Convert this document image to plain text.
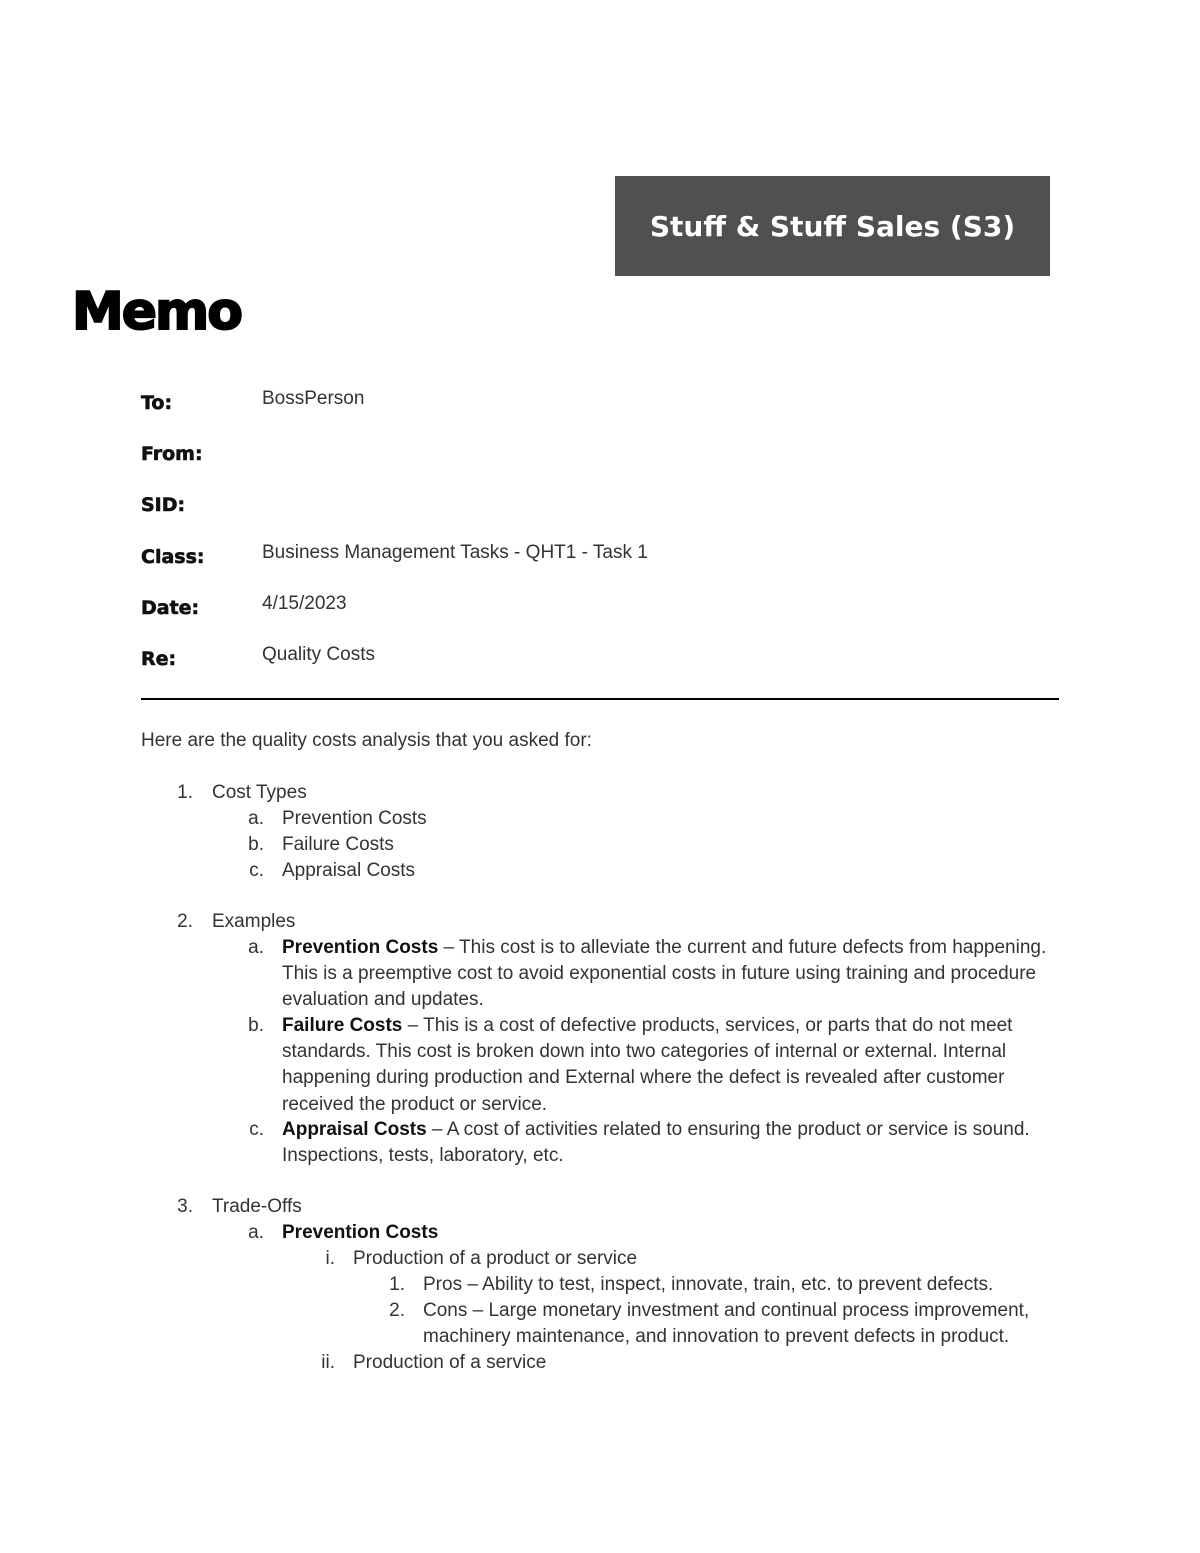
Stuff & Stuff Sales (S3)
Memo
To:	BossPerson
From:
SID:
Class:	Business Management Tasks - QHT1 - Task 1
Date:	4/15/2023
Re:	Quality Costs
Here are the quality costs analysis that you asked for:
1. Cost Types
a. Prevention Costs
b. Failure Costs
c. Appraisal Costs
2. Examples
a. Prevention Costs – This cost is to alleviate the current and future defects from happening. This is a preemptive cost to avoid exponential costs in future using training and procedure evaluation and updates.
b. Failure Costs – This is a cost of defective products, services, or parts that do not meet standards. This cost is broken down into two categories of internal or external. Internal happening during production and External where the defect is revealed after customer received the product or service.
c. Appraisal Costs – A cost of activities related to ensuring the product or service is sound. Inspections, tests, laboratory, etc.
3. Trade-Offs
a. Prevention Costs
i. Production of a product or service
1. Pros – Ability to test, inspect, innovate, train, etc. to prevent defects.
2. Cons – Large monetary investment and continual process improvement, machinery maintenance, and innovation to prevent defects in product.
ii. Production of a service
